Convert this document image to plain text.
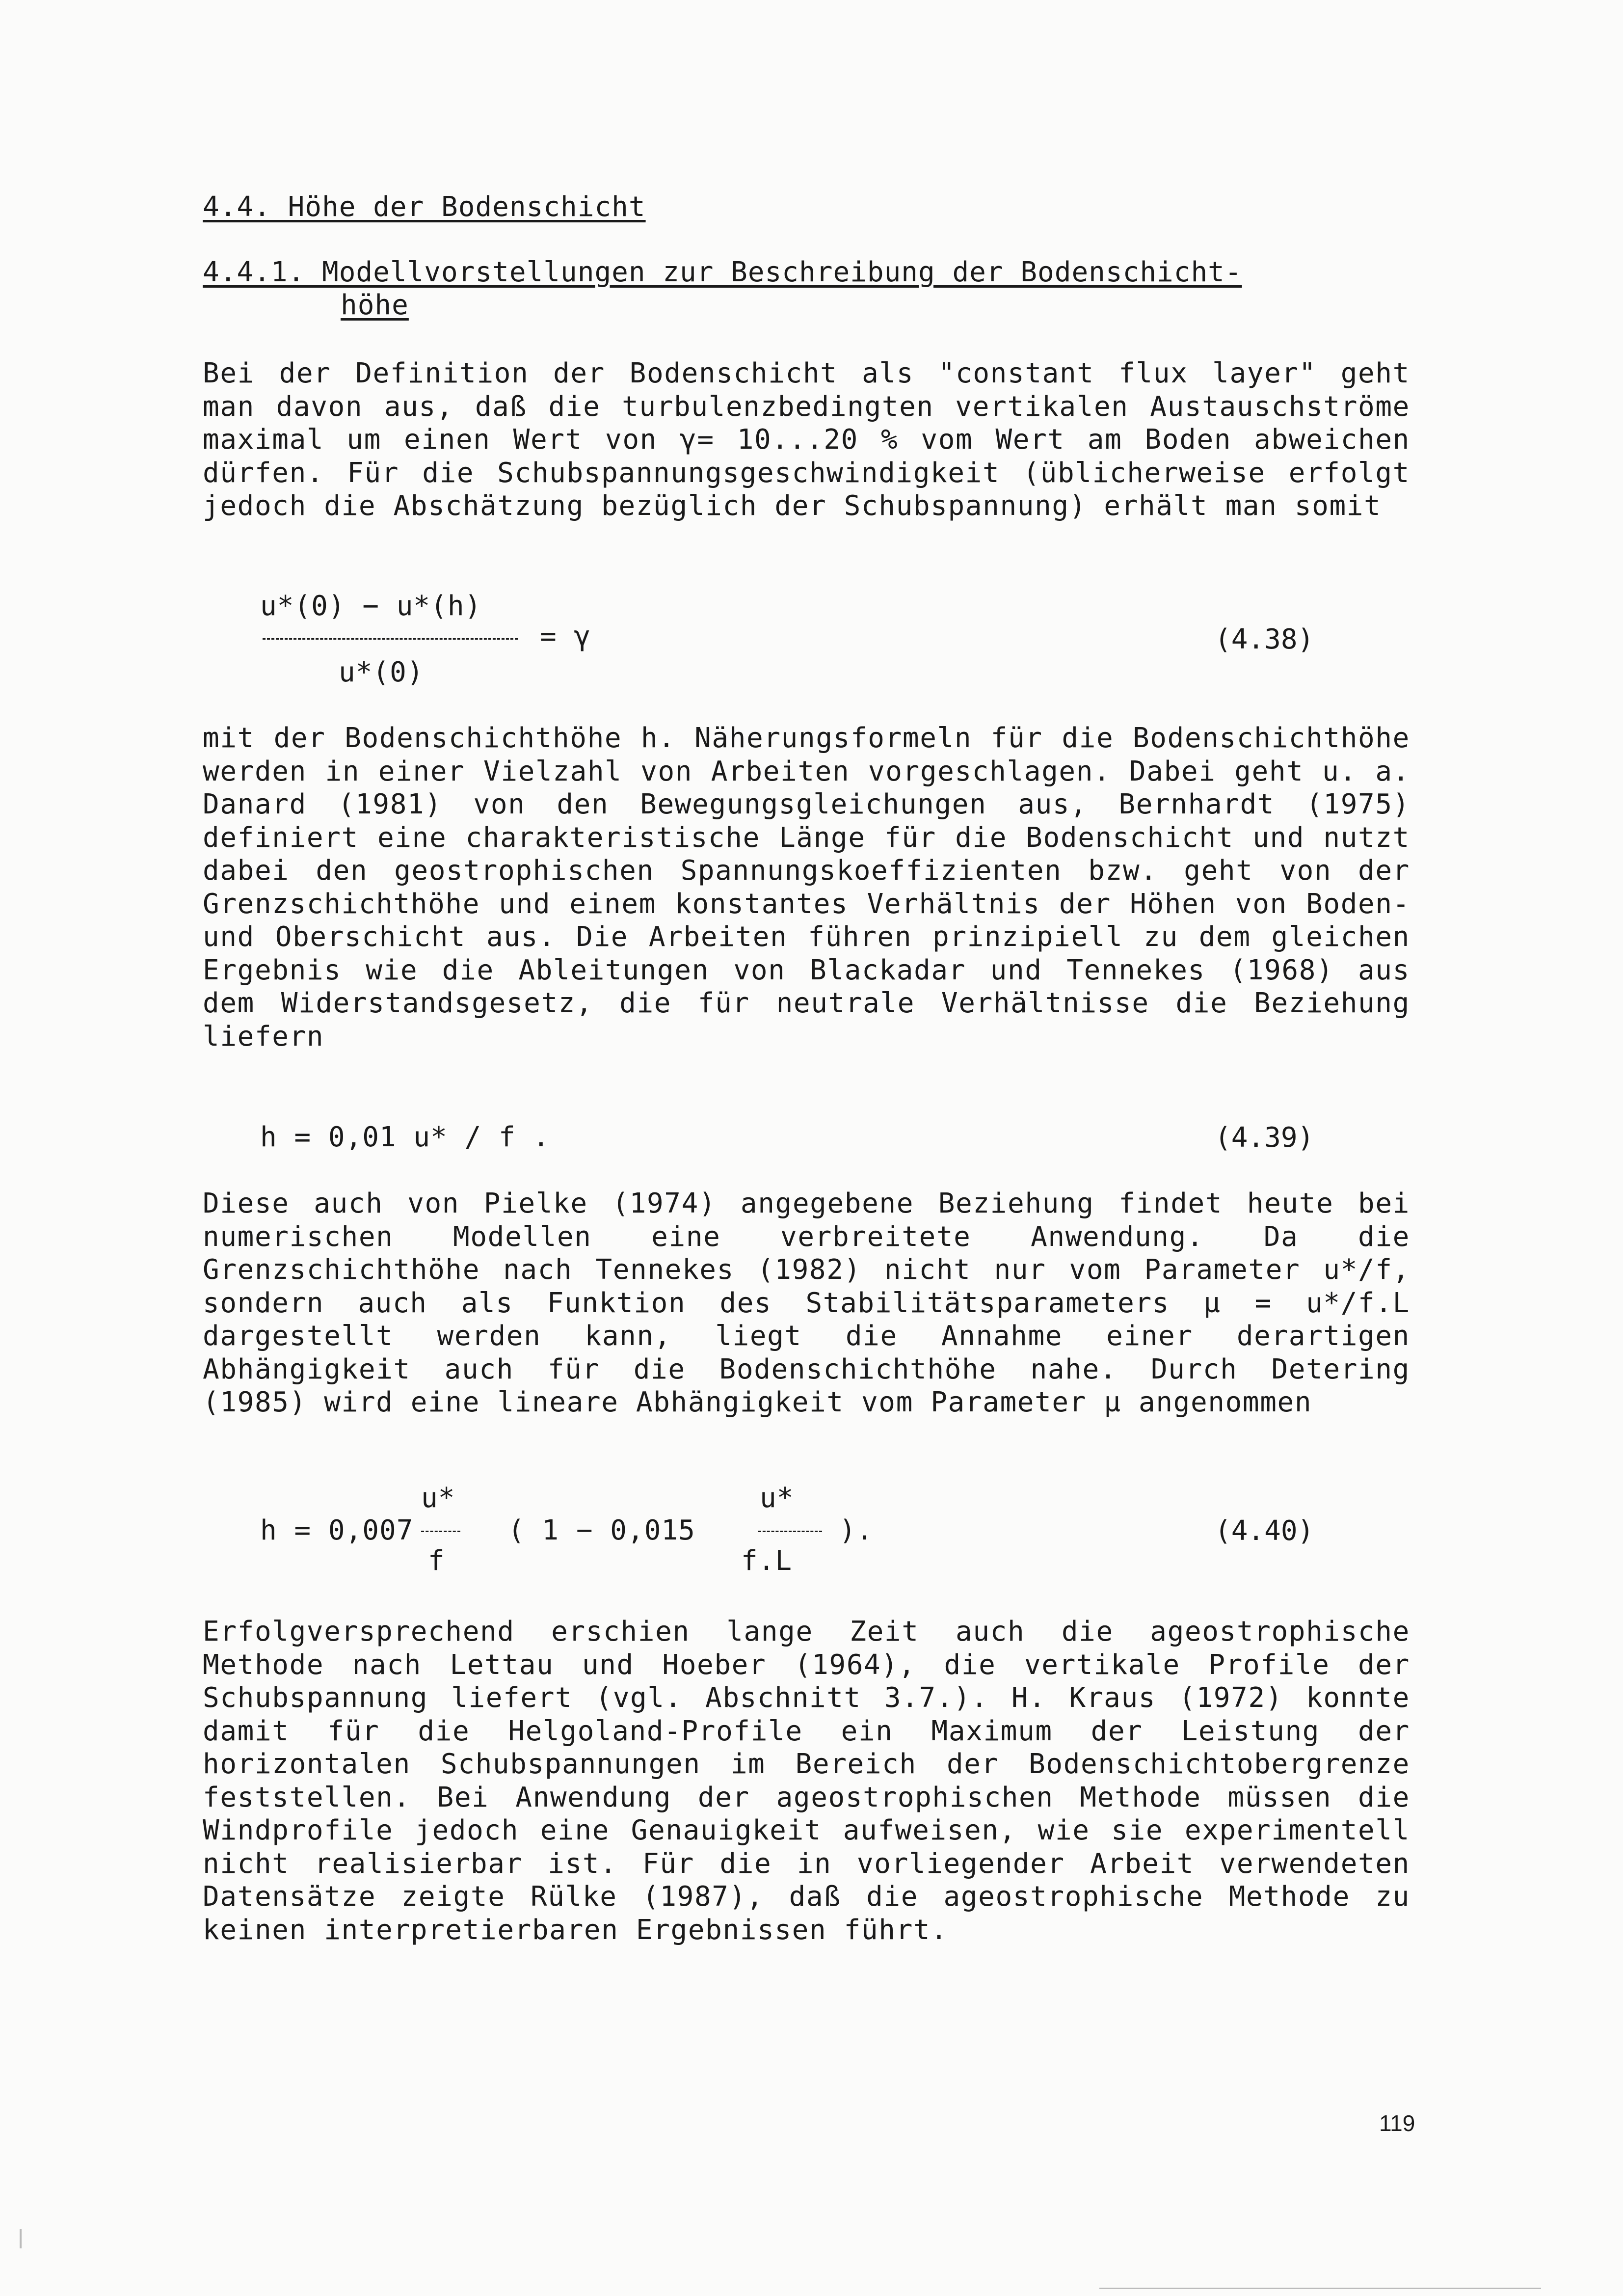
4.4. Höhe der Bodenschicht
4.4.1. Modellvorstellungen zur Beschreibung der Bodenschicht-
höhe

Bei der Definition der Bodenschicht als "constant flux layer" geht man davon aus, daß die turbulenzbedingten vertikalen Austauschströme maximal um einen Wert von γ= 10...20 % vom Wert am Boden abweichen dürfen. Für die Schubspannungsgeschwindigkeit (üblicherweise erfolgt jedoch die Abschätzung bezüglich der Schubspannung) erhält man somit

u*(0) − u*(h)
= γ
u*(0)
(4.38)

mit der Bodenschichthöhe h. Näherungsformeln für die Bodenschichthöhe werden in einer Vielzahl von Arbeiten vorgeschlagen. Dabei geht u. a. Danard (1981) von den Bewegungsgleichungen aus, Bernhardt (1975) definiert eine charakteristische Länge für die Bodenschicht und nutzt dabei den geostrophischen Spannungskoeffizienten bzw. geht von der Grenzschichthöhe und einem konstantes Verhältnis der Höhen von Boden- und Oberschicht aus. Die Arbeiten führen prinzipiell zu dem gleichen Ergebnis wie die Ableitungen von Blackadar und Tennekes (1968) aus dem Widerstandsgesetz, die für neutrale Verhältnisse die Beziehung liefern

h = 0,01 u* / f .	(4.39)

Diese auch von Pielke (1974) angegebene Beziehung findet heute bei numerischen Modellen eine verbreitete Anwendung. Da die Grenzschichthöhe nach Tennekes (1982) nicht nur vom Parameter u*/f, sondern auch als Funktion des Stabilitätsparameters μ = u*/f.L dargestellt werden kann, liegt die Annahme einer derartigen Abhängigkeit auch für die Bodenschichthöhe nahe. Durch Detering (1985) wird eine lineare Abhängigkeit vom Parameter μ angenommen

h = 0,007
u*
f
( 1 − 0,015
u*
f.L
).	(4.40)

Erfolgversprechend erschien lange Zeit auch die ageostrophische Methode nach Lettau und Hoeber (1964), die vertikale Profile der Schubspannung liefert (vgl. Abschnitt 3.7.). H. Kraus (1972) konnte damit für die Helgoland-Profile ein Maximum der Leistung der horizontalen Schubspannungen im Bereich der Bodenschichtobergrenze feststellen. Bei Anwendung der ageostrophischen Methode müssen die Windprofile jedoch eine Genauigkeit aufweisen, wie sie experimentell nicht realisierbar ist. Für die in vorliegender Arbeit verwendeten Datensätze zeigte Rülke (1987), daß die ageostrophische Methode zu keinen interpretierbaren Ergebnissen führt.

119
